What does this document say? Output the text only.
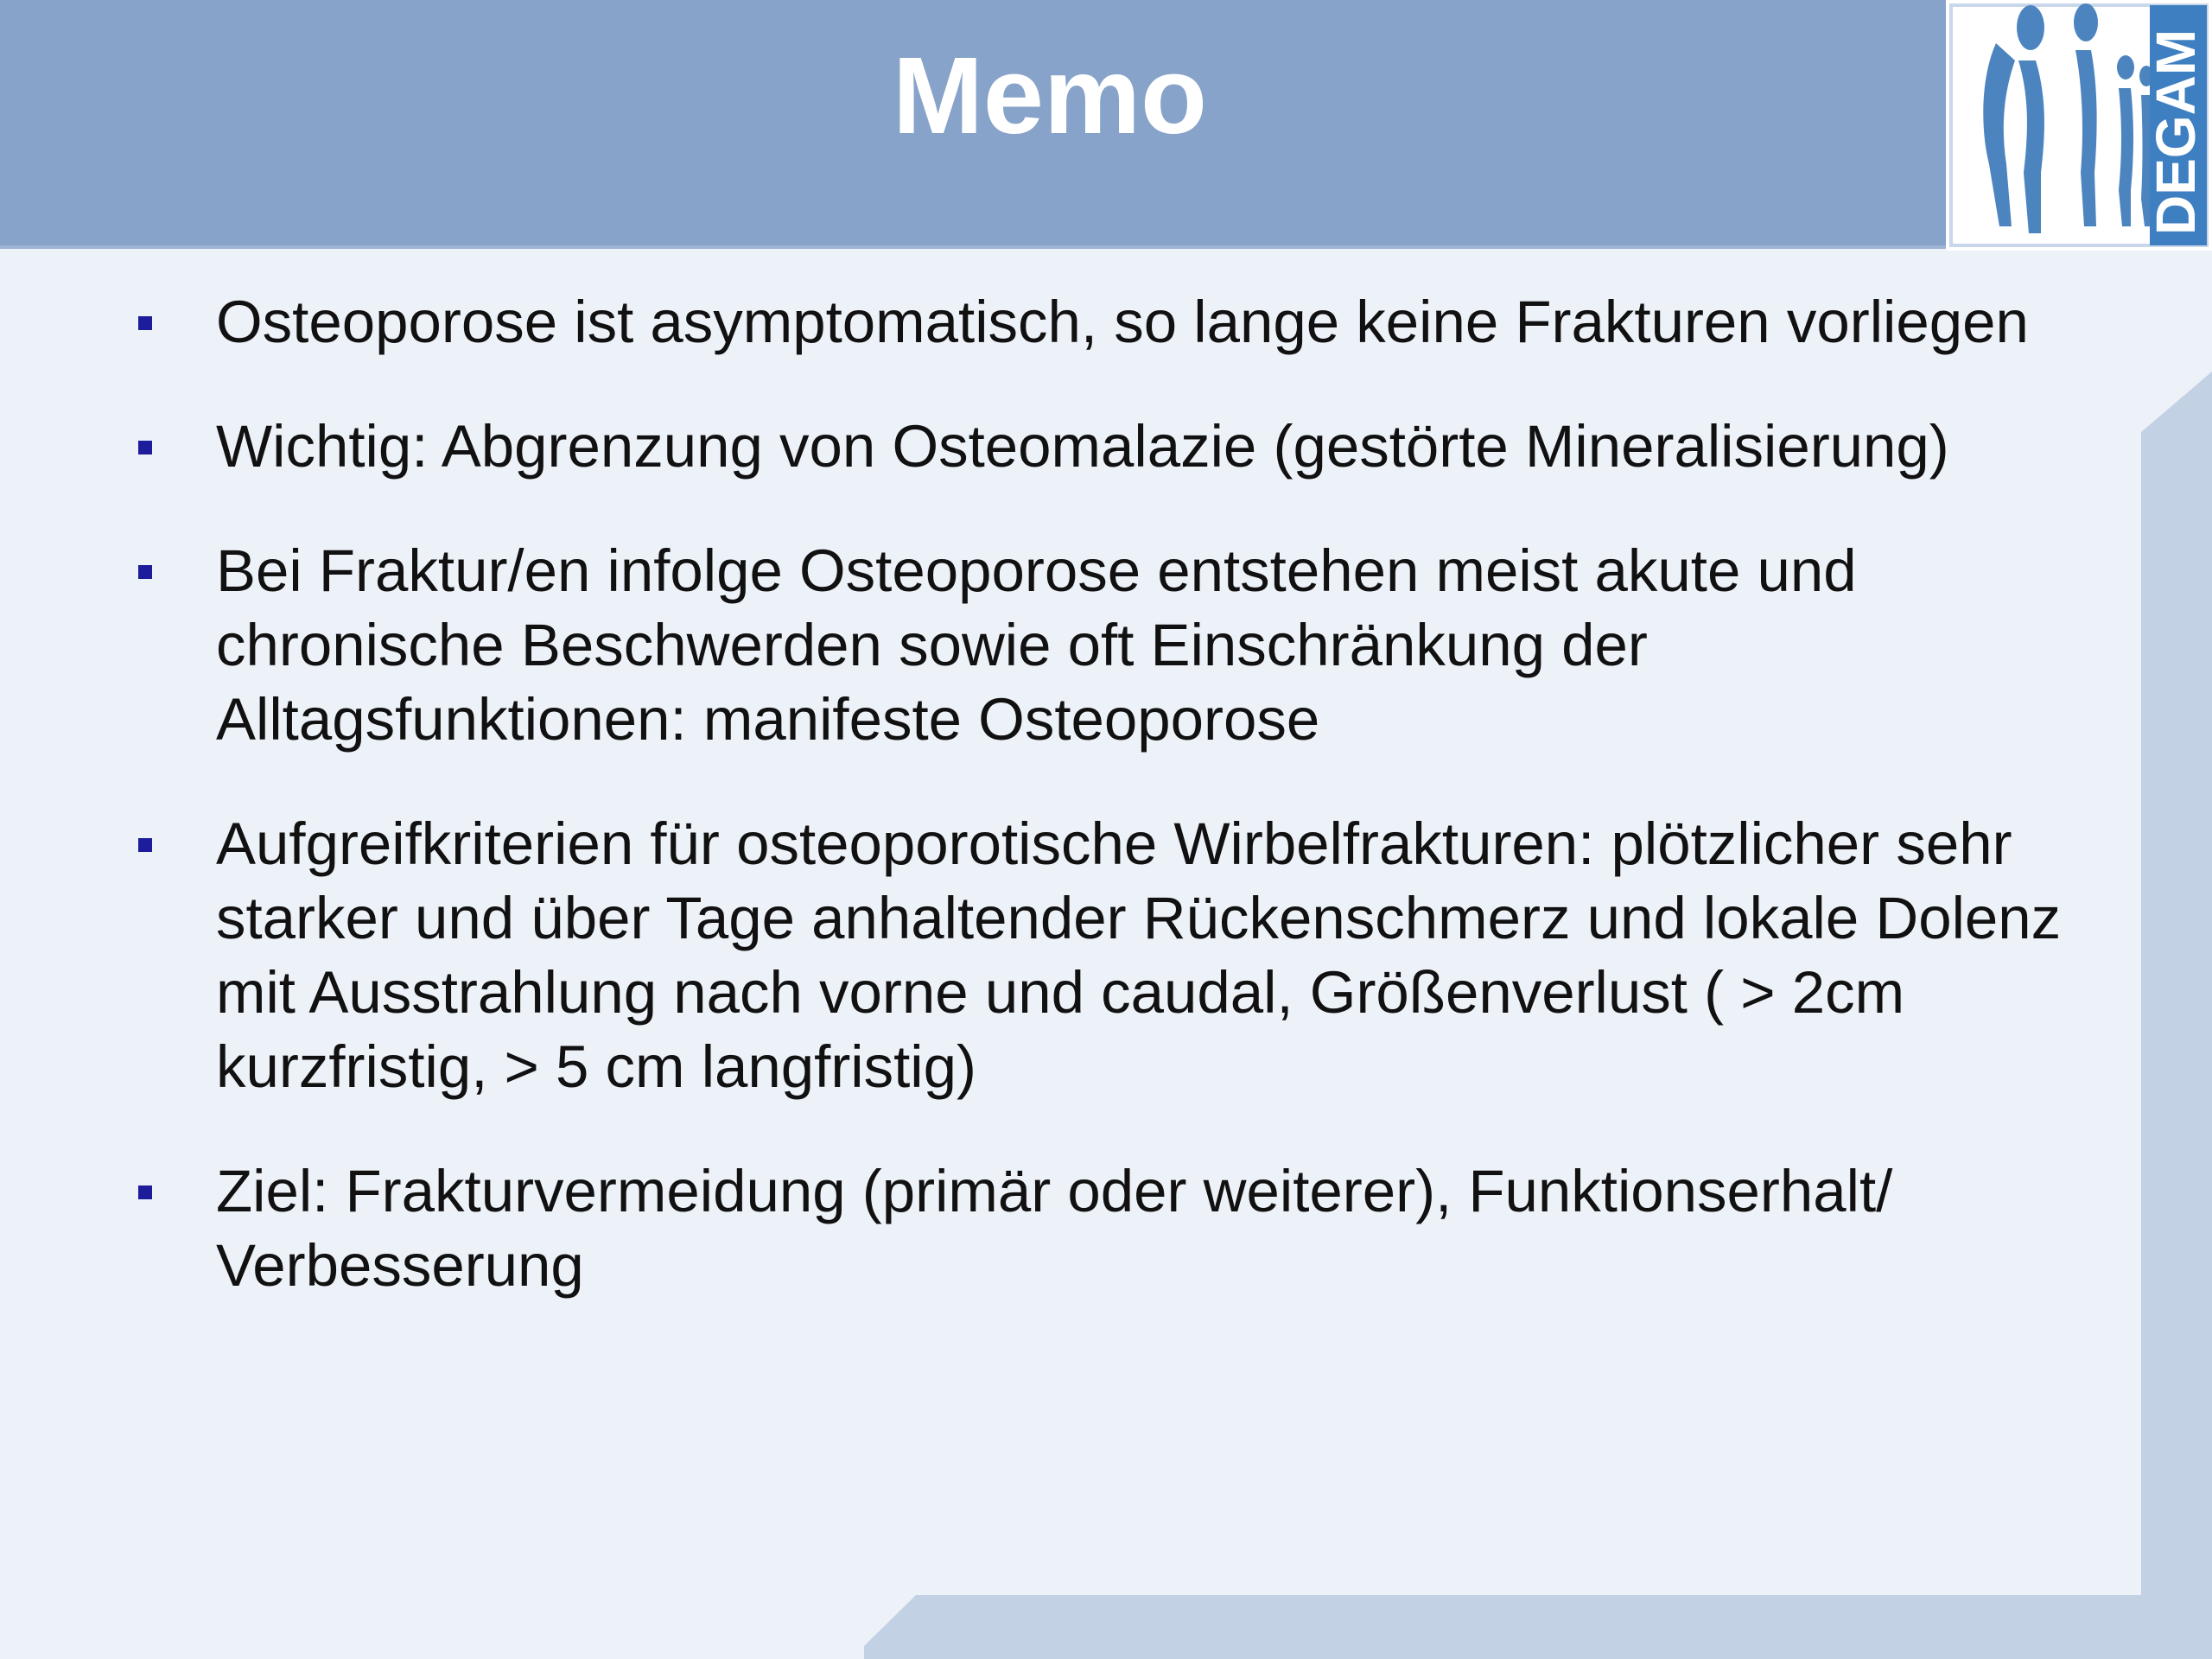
Memo	DEGAM
Osteoporose ist asymptomatisch, so lange keine Frakturen vorliegen
Wichtig: Abgrenzung von Osteomalazie (gestörte Mineralisierung)
Bei Fraktur/en infolge Osteoporose entstehen meist akute und chronische Beschwerden sowie oft Einschränkung der Alltagsfunktionen: manifeste Osteoporose
Aufgreifkriterien für osteoporotische Wirbelfrakturen: plötzlicher sehr starker und über Tage anhaltender Rückenschmerz und lokale Dolenz mit Ausstrahlung nach vorne und caudal, Größenverlust ( > 2cm kurzfristig, > 5 cm langfristig)
Ziel: Frakturvermeidung (primär oder weiterer), Funktionserhalt/ Verbesserung
